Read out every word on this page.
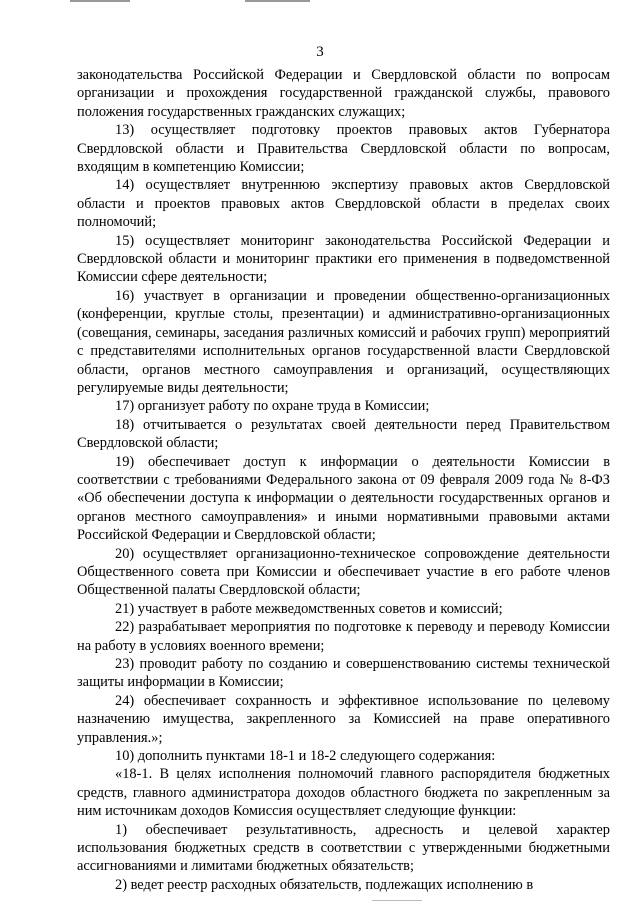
3

законодательства Российской Федерации и Свердловской области по вопросам организации и прохождения государственной гражданской службы, правового положения государственных гражданских служащих;

13) осуществляет подготовку проектов правовых актов Губернатора Свердловской области и Правительства Свердловской области по вопросам, входящим в компетенцию Комиссии;

14) осуществляет внутреннюю экспертизу правовых актов Свердловской области и проектов правовых актов Свердловской области в пределах своих полномочий;

15) осуществляет мониторинг законодательства Российской Федерации и Свердловской области и мониторинг практики его применения в подведомственной Комиссии сфере деятельности;

16) участвует в организации и проведении общественно-организационных (конференции, круглые столы, презентации) и административно-организационных (совещания, семинары, заседания различных комиссий и рабочих групп) мероприятий с представителями исполнительных органов государственной власти Свердловской области, органов местного самоуправления и организаций, осуществляющих регулируемые виды деятельности;

17) организует работу по охране труда в Комиссии;

18) отчитывается о результатах своей деятельности перед Правительством Свердловской области;

19) обеспечивает доступ к информации о деятельности Комиссии в соответствии с требованиями Федерального закона от 09 февраля 2009 года № 8-ФЗ «Об обеспечении доступа к информации о деятельности государственных органов и органов местного самоуправления» и иными нормативными правовыми актами Российской Федерации и Свердловской области;

20) осуществляет организационно-техническое сопровождение деятельности Общественного совета при Комиссии и обеспечивает участие в его работе членов Общественной палаты Свердловской области;

21) участвует в работе межведомственных советов и комиссий;

22) разрабатывает мероприятия по подготовке к переводу и переводу Комиссии на работу в условиях военного времени;

23) проводит работу по созданию и совершенствованию системы технической защиты информации в Комиссии;

24) обеспечивает сохранность и эффективное использование по целевому назначению имущества, закрепленного за Комиссией на праве оперативного управления.»;

10) дополнить пунктами 18-1 и 18-2 следующего содержания:

«18-1. В целях исполнения полномочий главного распорядителя бюджетных средств, главного администратора доходов областного бюджета по закрепленным за ним источникам доходов Комиссия осуществляет следующие функции:

1) обеспечивает результативность, адресность и целевой характер использования бюджетных средств в соответствии с утвержденными бюджетными ассигнованиями и лимитами бюджетных обязательств;

2) ведет реестр расходных обязательств, подлежащих исполнению в
